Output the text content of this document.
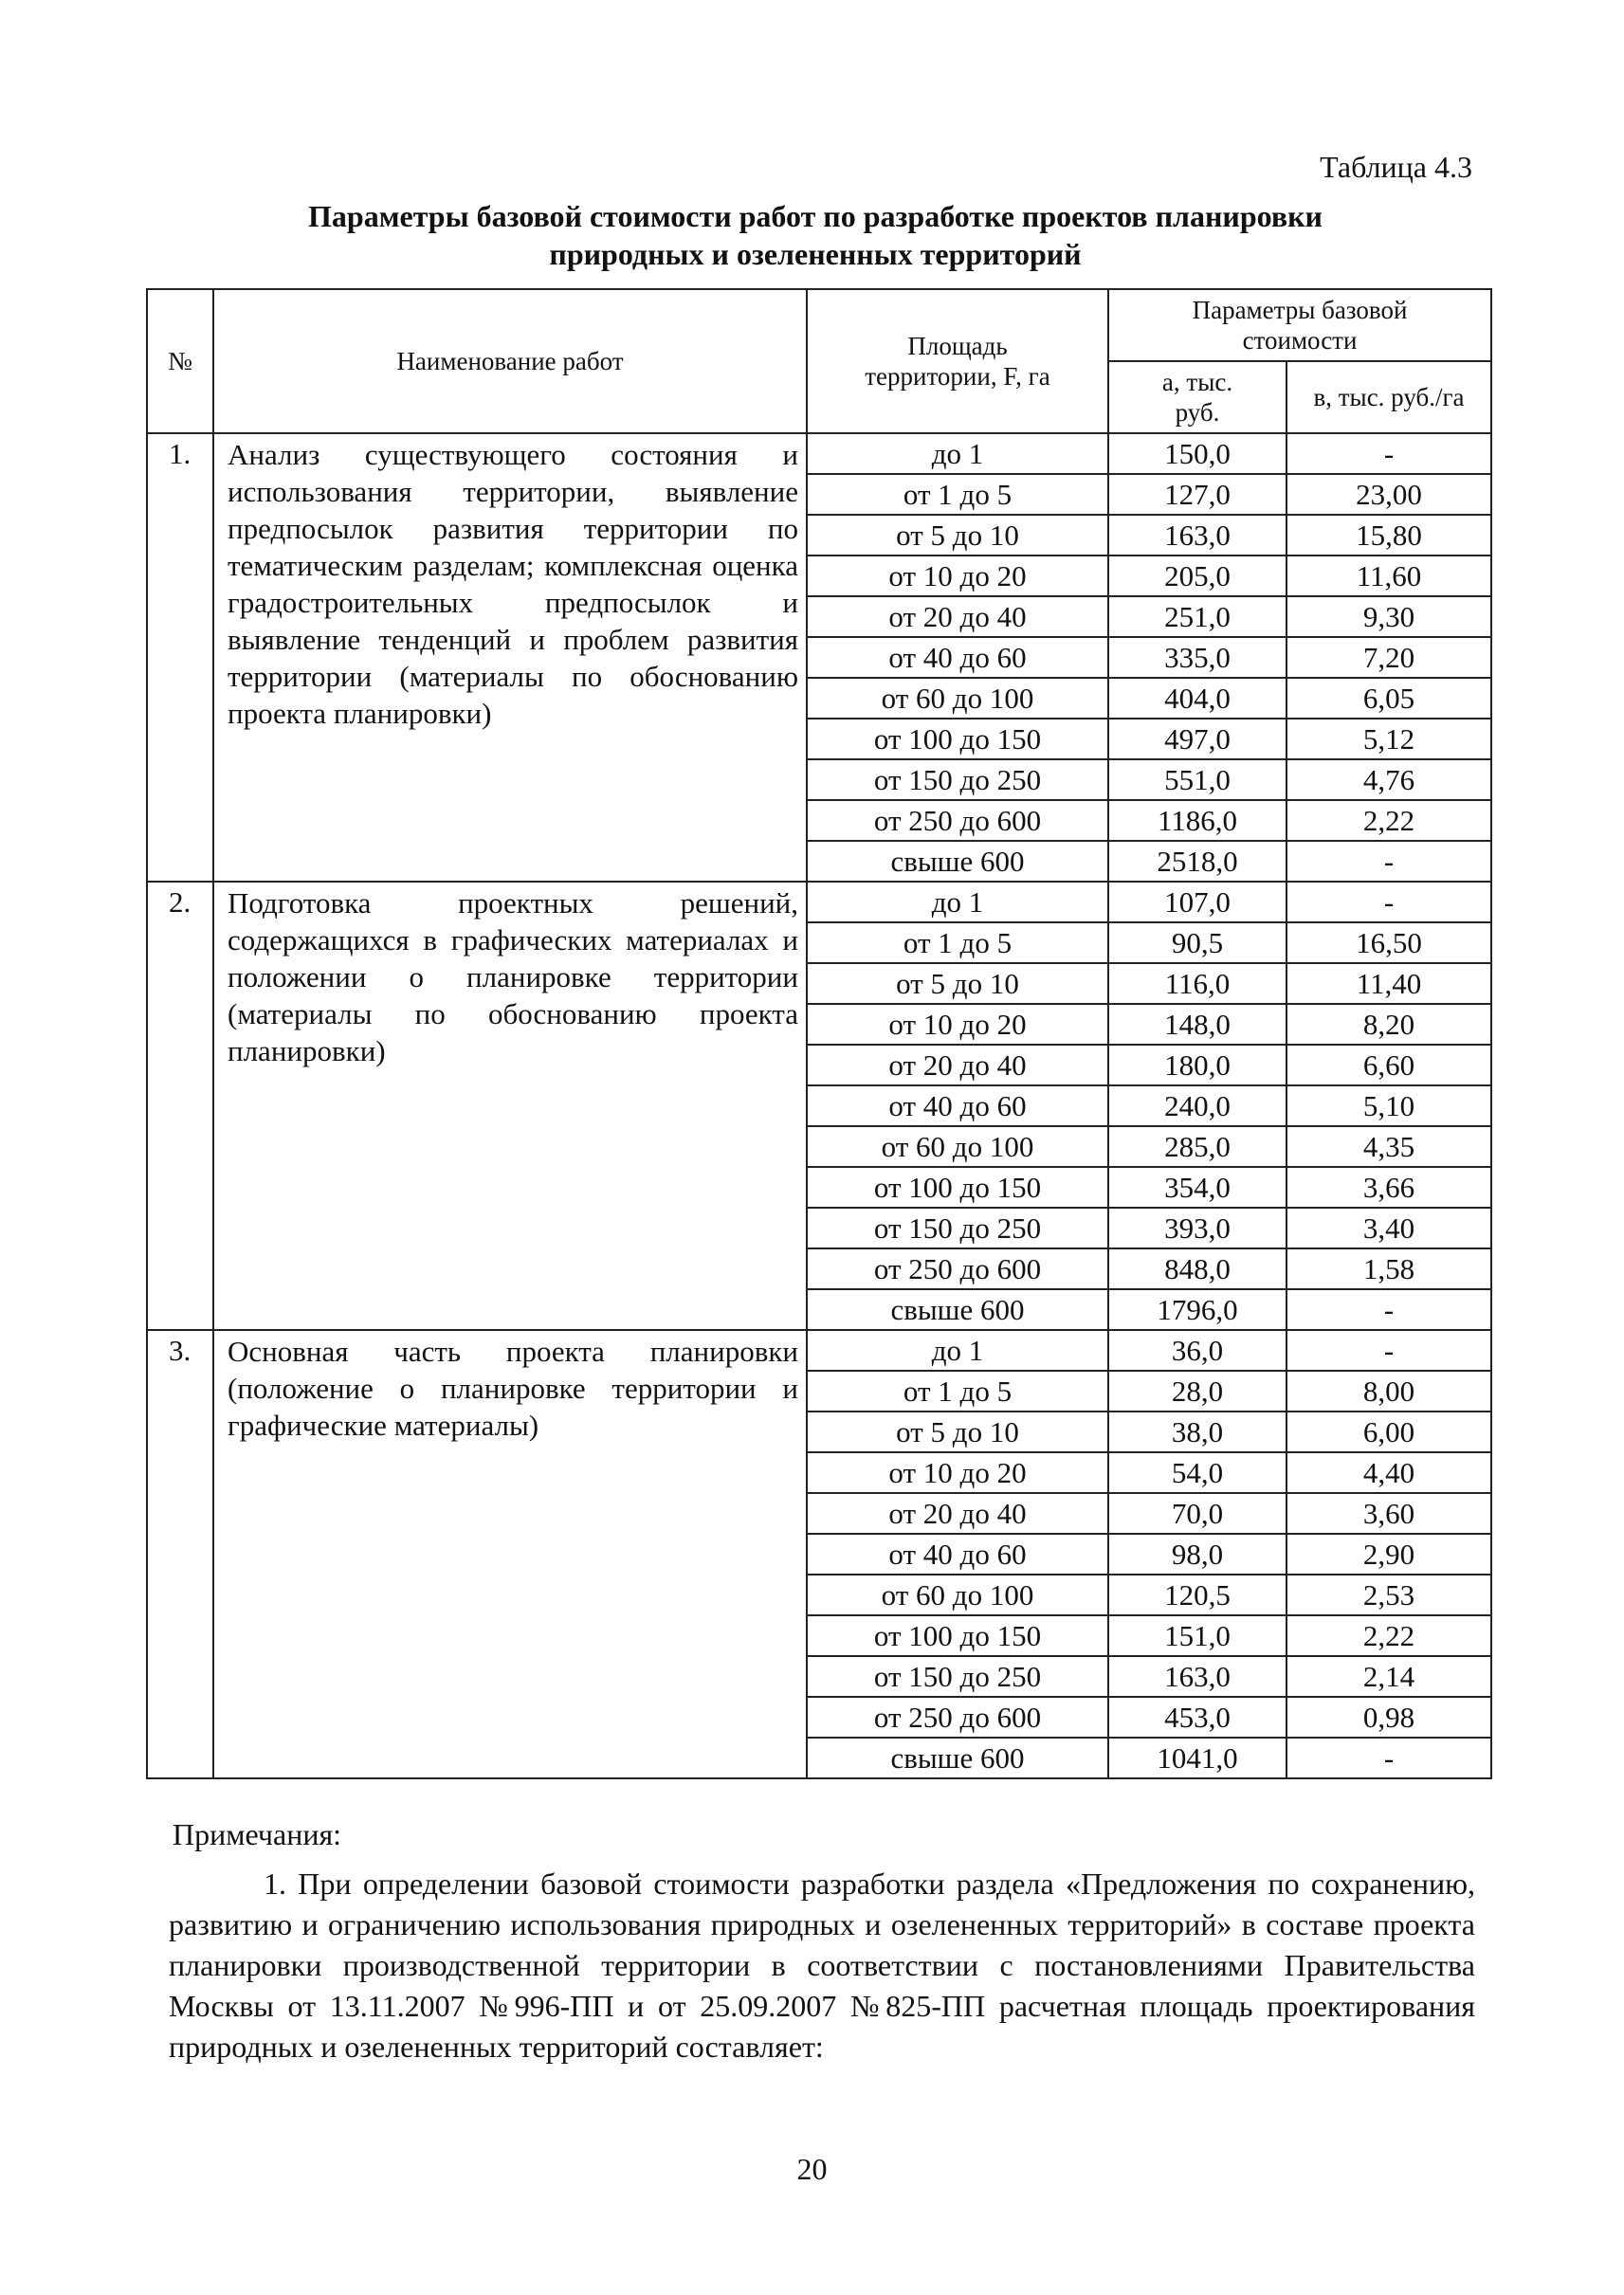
Таблица 4.3
Параметры базовой стоимости работ по разработке проектов планировки
природных и озелененных территорий
№	Наименование работ	Площадь территории, F, га	Параметры базовой стоимости	
			а, тыс. руб.	в, тыс. руб./га
1.	Анализ существующего состояния и использования территории, выявление предпосылок развития территории по тематическим разделам; комплексная оценка градостроительных предпосылок и выявление тенденций и проблем развития территории (материалы по обоснованию проекта планировки)	до 1	150,0	-
		от 1 до 5	127,0	23,00
		от 5 до 10	163,0	15,80
		от 10 до 20	205,0	11,60
		от 20 до 40	251,0	9,30
		от 40 до 60	335,0	7,20
		от 60 до 100	404,0	6,05
		от 100 до 150	497,0	5,12
		от 150 до 250	551,0	4,76
		от 250 до 600	1186,0	2,22
		свыше 600	2518,0	-
2.	Подготовка проектных решений, содержащихся в графических материалах и положении о планировке территории (материалы по обоснованию проекта планировки)	до 1	107,0	-
		от 1 до 5	90,5	16,50
		от 5 до 10	116,0	11,40
		от 10 до 20	148,0	8,20
		от 20 до 40	180,0	6,60
		от 40 до 60	240,0	5,10
		от 60 до 100	285,0	4,35
		от 100 до 150	354,0	3,66
		от 150 до 250	393,0	3,40
		от 250 до 600	848,0	1,58
		свыше 600	1796,0	-
3.	Основная часть проекта планировки (положение о планировке территории и графические материалы)	до 1	36,0	-
		от 1 до 5	28,0	8,00
		от 5 до 10	38,0	6,00
		от 10 до 20	54,0	4,40
		от 20 до 40	70,0	3,60
		от 40 до 60	98,0	2,90
		от 60 до 100	120,5	2,53
		от 100 до 150	151,0	2,22
		от 150 до 250	163,0	2,14
		от 250 до 600	453,0	0,98
		свыше 600	1041,0	-
Примечания:
1. При определении базовой стоимости разработки раздела «Предложения по сохранению, развитию и ограничению использования природных и озелененных территорий» в составе проекта планировки производственной территории в соответствии с постановлениями Правительства Москвы от 13.11.2007 №996-ПП и от 25.09.2007 №825-ПП расчетная площадь проектирования природных и озелененных территорий составляет:
20
